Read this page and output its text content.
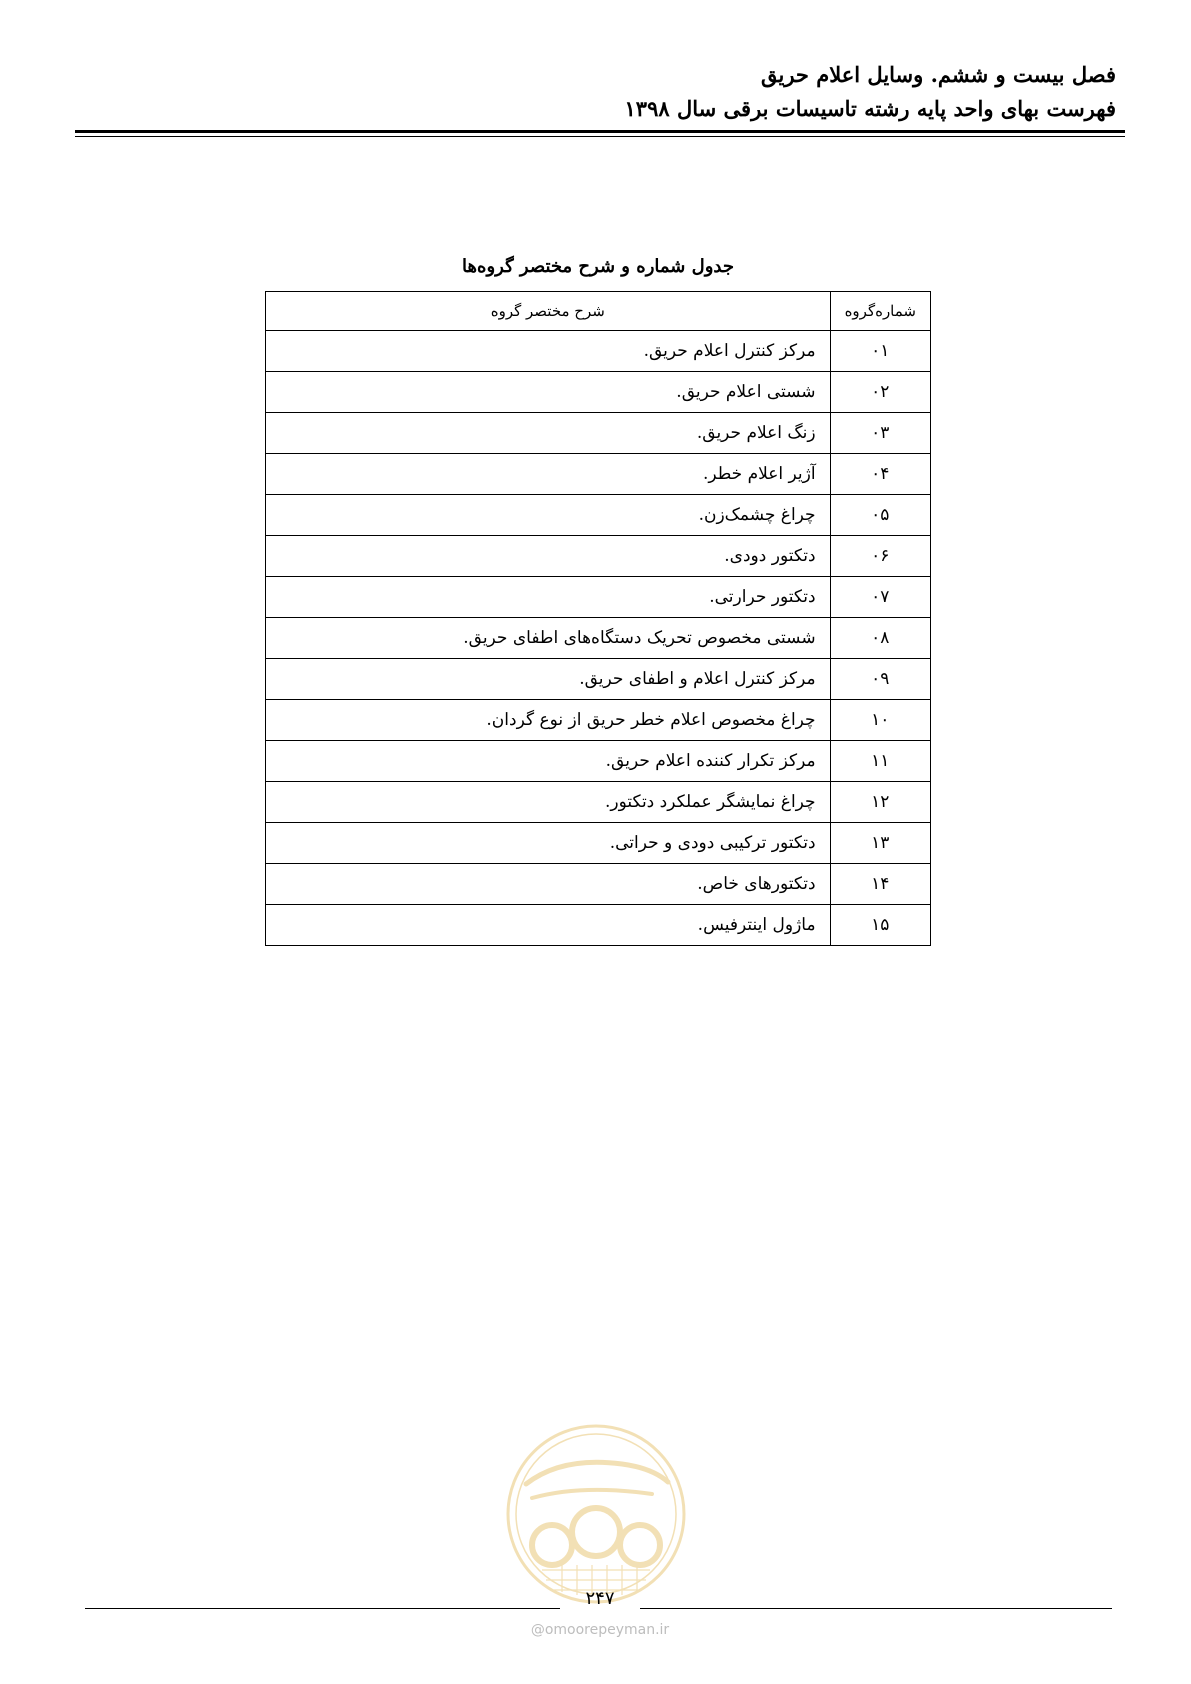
فصل بیست و ششم. وسایل اعلام حریق
فهرست بهای واحد پایه رشته تاسیسات برقی سال ۱۳۹۸
جدول شماره و شرح مختصر گروه‌ها
شماره‌گروه	شرح مختصر گروه
۰۱	مرکز کنترل اعلام حریق.
۰۲	شستی اعلام حریق.
۰۳	زنگ اعلام حریق.
۰۴	آژیر اعلام خطر.
۰۵	چراغ چشمک‌زن.
۰۶	دتکتور دودی.
۰۷	دتکتور حرارتی.
۰۸	شستی مخصوص تحریک دستگاه‌های اطفای حریق.
۰۹	مرکز کنترل اعلام و اطفای حریق.
۱۰	چراغ مخصوص اعلام خطر حریق از نوع گردان.
۱۱	مرکز تکرار کننده اعلام حریق.
۱۲	چراغ نمایشگر عملکرد دتکتور.
۱۳	دتکتور ترکیبی دودی و حراتی.
۱۴	دتکتورهای خاص.
۱۵	ماژول اینترفیس.
۲۴۷
@omoorepeyman.ir
